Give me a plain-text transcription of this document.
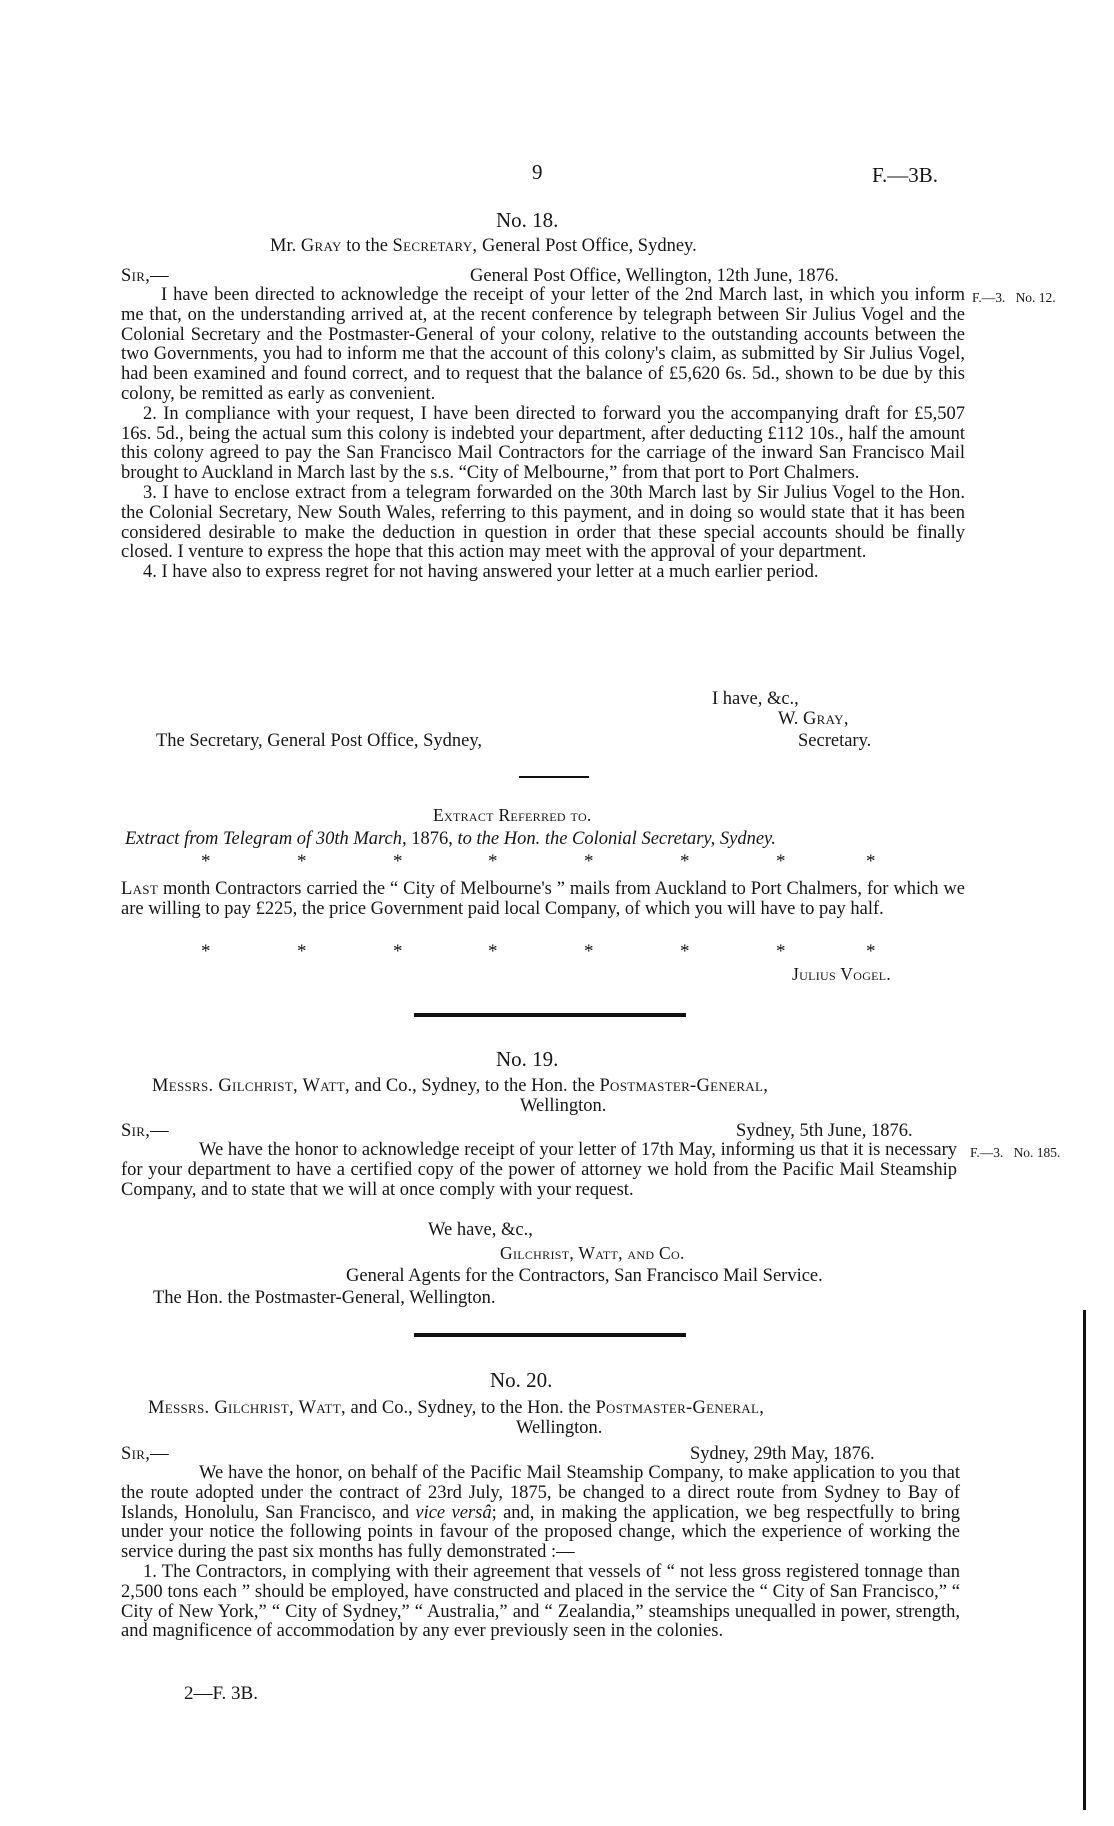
9	F.—3B.
No. 18.
Mr. Gray to the Secretary, General Post Office, Sydney.
Sir,—	General Post Office, Wellington, 12th June, 1876.
F.—3. No. 12.

I have been directed to acknowledge the receipt of your letter of the 2nd March last, in which you inform me that, on the understanding arrived at, at the recent conference by telegraph between Sir Julius Vogel and the Colonial Secretary and the Postmaster-General of your colony, relative to the outstanding accounts between the two Governments, you had to inform me that the account of this colony's claim, as submitted by Sir Julius Vogel, had been examined and found correct, and to request that the balance of £5,620 6s. 5d., shown to be due by this colony, be remitted as early as convenient.

2. In compliance with your request, I have been directed to forward you the accompanying draft for £5,507 16s. 5d., being the actual sum this colony is indebted your department, after deducting £112 10s., half the amount this colony agreed to pay the San Francisco Mail Contractors for the carriage of the inward San Francisco Mail brought to Auckland in March last by the s.s. “City of Melbourne,” from that port to Port Chalmers.

3. I have to enclose extract from a telegram forwarded on the 30th March last by Sir Julius Vogel to the Hon. the Colonial Secretary, New South Wales, referring to this payment, and in doing so would state that it has been considered desirable to make the deduction in question in order that these special accounts should be finally closed. I venture to express the hope that this action may meet with the approval of your department.

4. I have also to express regret for not having answered your letter at a much earlier period.

I have, &c.,
W. Gray,
The Secretary, General Post Office, Sydney,	Secretary.
Extract Referred to.
Extract from Telegram of 30th March, 1876, to the Hon. the Colonial Secretary, Sydney.
*	*	*	*	*	*	*	*

Last month Contractors carried the “ City of Melbourne's ” mails from Auckland to Port Chalmers, for which we are willing to pay £225, the price Government paid local Company, of which you will have to pay half.

*	*	*	*	*	*	*	*
Julius Vogel.
No. 19.
Messrs. Gilchrist, Watt, and Co., Sydney, to the Hon. the Postmaster-General,
Wellington.
Sir,—	Sydney, 5th June, 1876.
F.—3. No. 185.

We have the honor to acknowledge receipt of your letter of 17th May, informing us that it is necessary for your department to have a certified copy of the power of attorney we hold from the Pacific Mail Steamship Company, and to state that we will at once comply with your request.

We have, &c.,
Gilchrist, Watt, and Co.
General Agents for the Contractors, San Francisco Mail Service.
The Hon. the Postmaster-General, Wellington.
No. 20.
Messrs. Gilchrist, Watt, and Co., Sydney, to the Hon. the Postmaster-General,
Wellington.
Sir,—	Sydney, 29th May, 1876.

We have the honor, on behalf of the Pacific Mail Steamship Company, to make application to you that the route adopted under the contract of 23rd July, 1875, be changed to a direct route from Sydney to Bay of Islands, Honolulu, San Francisco, and vice versâ; and, in making the application, we beg respectfully to bring under your notice the following points in favour of the proposed change, which the experience of working the service during the past six months has fully demonstrated :—

1. The Contractors, in complying with their agreement that vessels of “ not less gross registered tonnage than 2,500 tons each ” should be employed, have constructed and placed in the service the “ City of San Francisco,” “ City of New York,” “ City of Sydney,” “ Australia,” and “ Zealandia,” steamships unequalled in power, strength, and magnificence of accommodation by any ever previously seen in the colonies.

2—F. 3B.
